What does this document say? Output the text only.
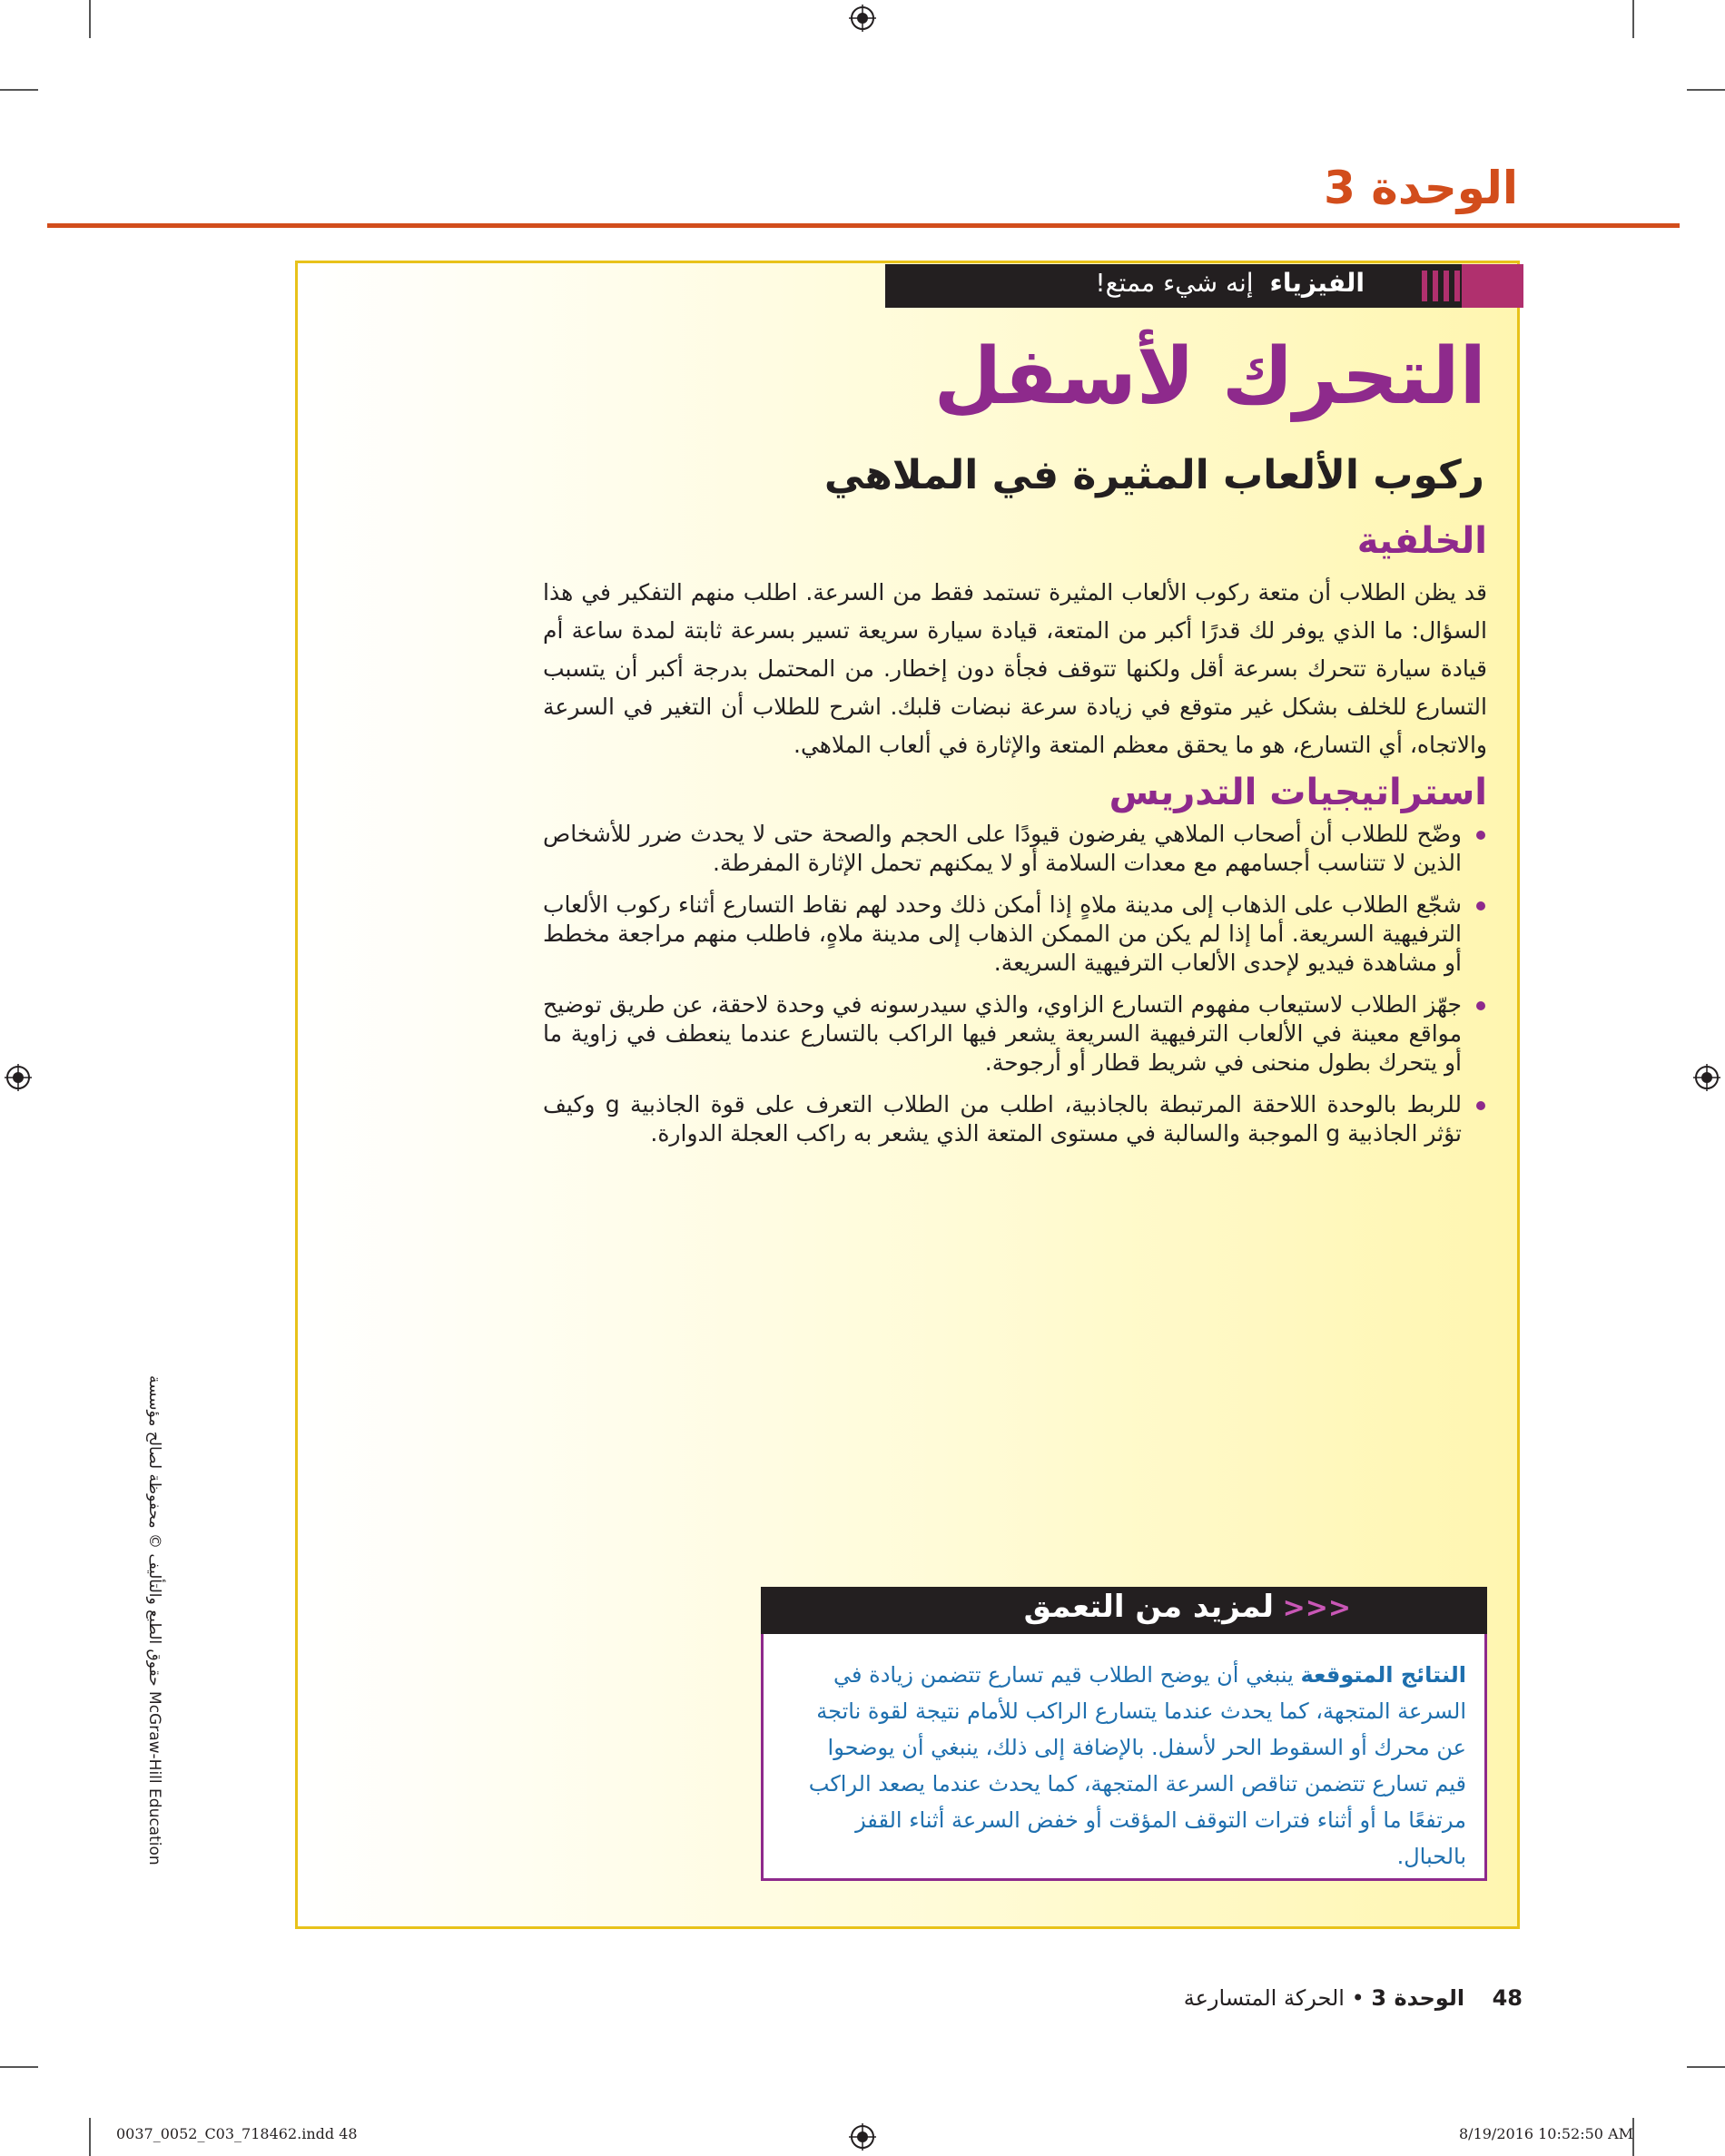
الوحدة 3
الفيزياءإنه شيء ممتع!
التحرك لأسفل
ركوب الألعاب المثيرة في الملاهي
الخلفية
قد يظن الطلاب أن متعة ركوب الألعاب المثيرة تستمد فقط من السرعة. اطلب منهم التفكير في هذا السؤال: ما الذي يوفر لك قدرًا أكبر من المتعة، قيادة سيارة سريعة تسير بسرعة ثابتة لمدة ساعة أم قيادة سيارة تتحرك بسرعة أقل ولكنها تتوقف فجأة دون إخطار. من المحتمل بدرجة أكبر أن يتسبب التسارع للخلف بشكل غير متوقع في زيادة سرعة نبضات قلبك. اشرح للطلاب أن التغير في السرعة والاتجاه، أي التسارع، هو ما يحقق معظم المتعة والإثارة في ألعاب الملاهي.
استراتيجيات التدريس
وضّح للطلاب أن أصحاب الملاهي يفرضون قيودًا على الحجم والصحة حتى لا يحدث ضرر للأشخاص الذين لا تتناسب أجسامهم مع معدات السلامة أو لا يمكنهم تحمل الإثارة المفرطة.
شجّع الطلاب على الذهاب إلى مدينة ملاهٍ إذا أمكن ذلك وحدد لهم نقاط التسارع أثناء ركوب الألعاب الترفيهية السريعة. أما إذا لم يكن من الممكن الذهاب إلى مدينة ملاهٍ، فاطلب منهم مراجعة مخطط أو مشاهدة فيديو لإحدى الألعاب الترفيهية السريعة.
جهّز الطلاب لاستيعاب مفهوم التسارع الزاوي، والذي سيدرسونه في وحدة لاحقة، عن طريق توضيح مواقع معينة في الألعاب الترفيهية السريعة يشعر فيها الراكب بالتسارع عندما ينعطف في زاوية ما أو يتحرك بطول منحنى في شريط قطار أو أرجوحة.
للربط بالوحدة اللاحقة المرتبطة بالجاذبية، اطلب من الطلاب التعرف على قوة الجاذبية g وكيف تؤثر الجاذبية g الموجبة والسالبة في مستوى المتعة الذي يشعر به راكب العجلة الدوارة.
حقوق الطبع والتأليف © محفوظة لصالح مؤسسة McGraw-Hill Education
لمزيد من التعمق >>>
النتائج المتوقعة ينبغي أن يوضح الطلاب قيم تسارع تتضمن زيادة في السرعة المتجهة، كما يحدث عندما يتسارع الراكب للأمام نتيجة لقوة ناتجة عن محرك أو السقوط الحر لأسفل. بالإضافة إلى ذلك، ينبغي أن يوضحوا قيم تسارع تتضمن تناقص السرعة المتجهة، كما يحدث عندما يصعد الراكب مرتفعًا ما أو أثناء فترات التوقف المؤقت أو خفض السرعة أثناء القفز بالحبال.
48    الوحدة 3 • الحركة المتسارعة
0037_0052_C03_718462.indd 48	8/19/2016 10:52:50 AM
